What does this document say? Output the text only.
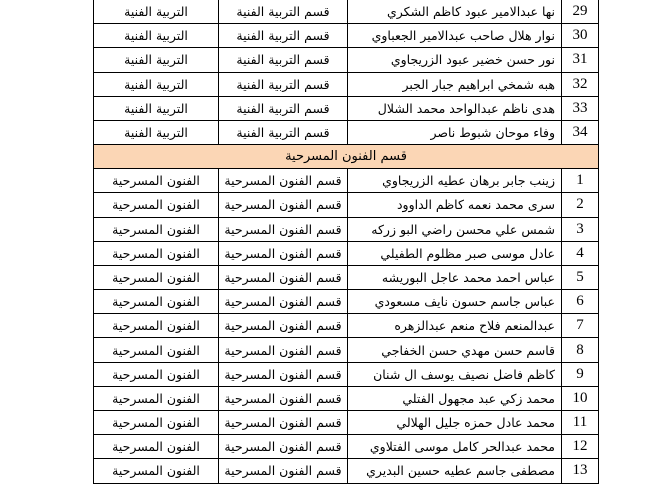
29	نها عبدالامير عبود كاظم الشكري	قسم التربية الفنية	التربية الفنية
30	نوار هلال صاحب عبدالامير الجعباوي	قسم التربية الفنية	التربية الفنية
31	نور حسن خضير عبود الزريجاوي	قسم التربية الفنية	التربية الفنية
32	هبه شمخي ابراهيم جبار الجبر	قسم التربية الفنية	التربية الفنية
33	هدى ناظم عبدالواحد محمد الشلال	قسم التربية الفنية	التربية الفنية
34	وفاء موحان شبوط ناصر	قسم التربية الفنية	التربية الفنية
قسم الفنون المسرحية			
1	زينب جابر برهان عطيه الزريجاوي	قسم الفنون المسرحية	الفنون المسرحية
2	سرى محمد نعمه كاظم الداوود	قسم الفنون المسرحية	الفنون المسرحية
3	شمس علي محسن راضي البو زركه	قسم الفنون المسرحية	الفنون المسرحية
4	عادل موسى صبر مظلوم الطفيلي	قسم الفنون المسرحية	الفنون المسرحية
5	عباس احمد محمد عاجل البوريشه	قسم الفنون المسرحية	الفنون المسرحية
6	عباس جاسم حسون نايف مسعودي	قسم الفنون المسرحية	الفنون المسرحية
7	عبدالمنعم فلاح منعم عبدالزهره	قسم الفنون المسرحية	الفنون المسرحية
8	قاسم حسن مهدي حسن الخفاجي	قسم الفنون المسرحية	الفنون المسرحية
9	كاظم فاضل نصيف يوسف ال شنان	قسم الفنون المسرحية	الفنون المسرحية
10	محمد زكي عبد مجهول الفتلي	قسم الفنون المسرحية	الفنون المسرحية
11	محمد عادل حمزه جليل الهلالي	قسم الفنون المسرحية	الفنون المسرحية
12	محمد عبدالحر كامل موسى الفتلاوي	قسم الفنون المسرحية	الفنون المسرحية
13	مصطفى جاسم عطيه حسين البديري	قسم الفنون المسرحية	الفنون المسرحية
